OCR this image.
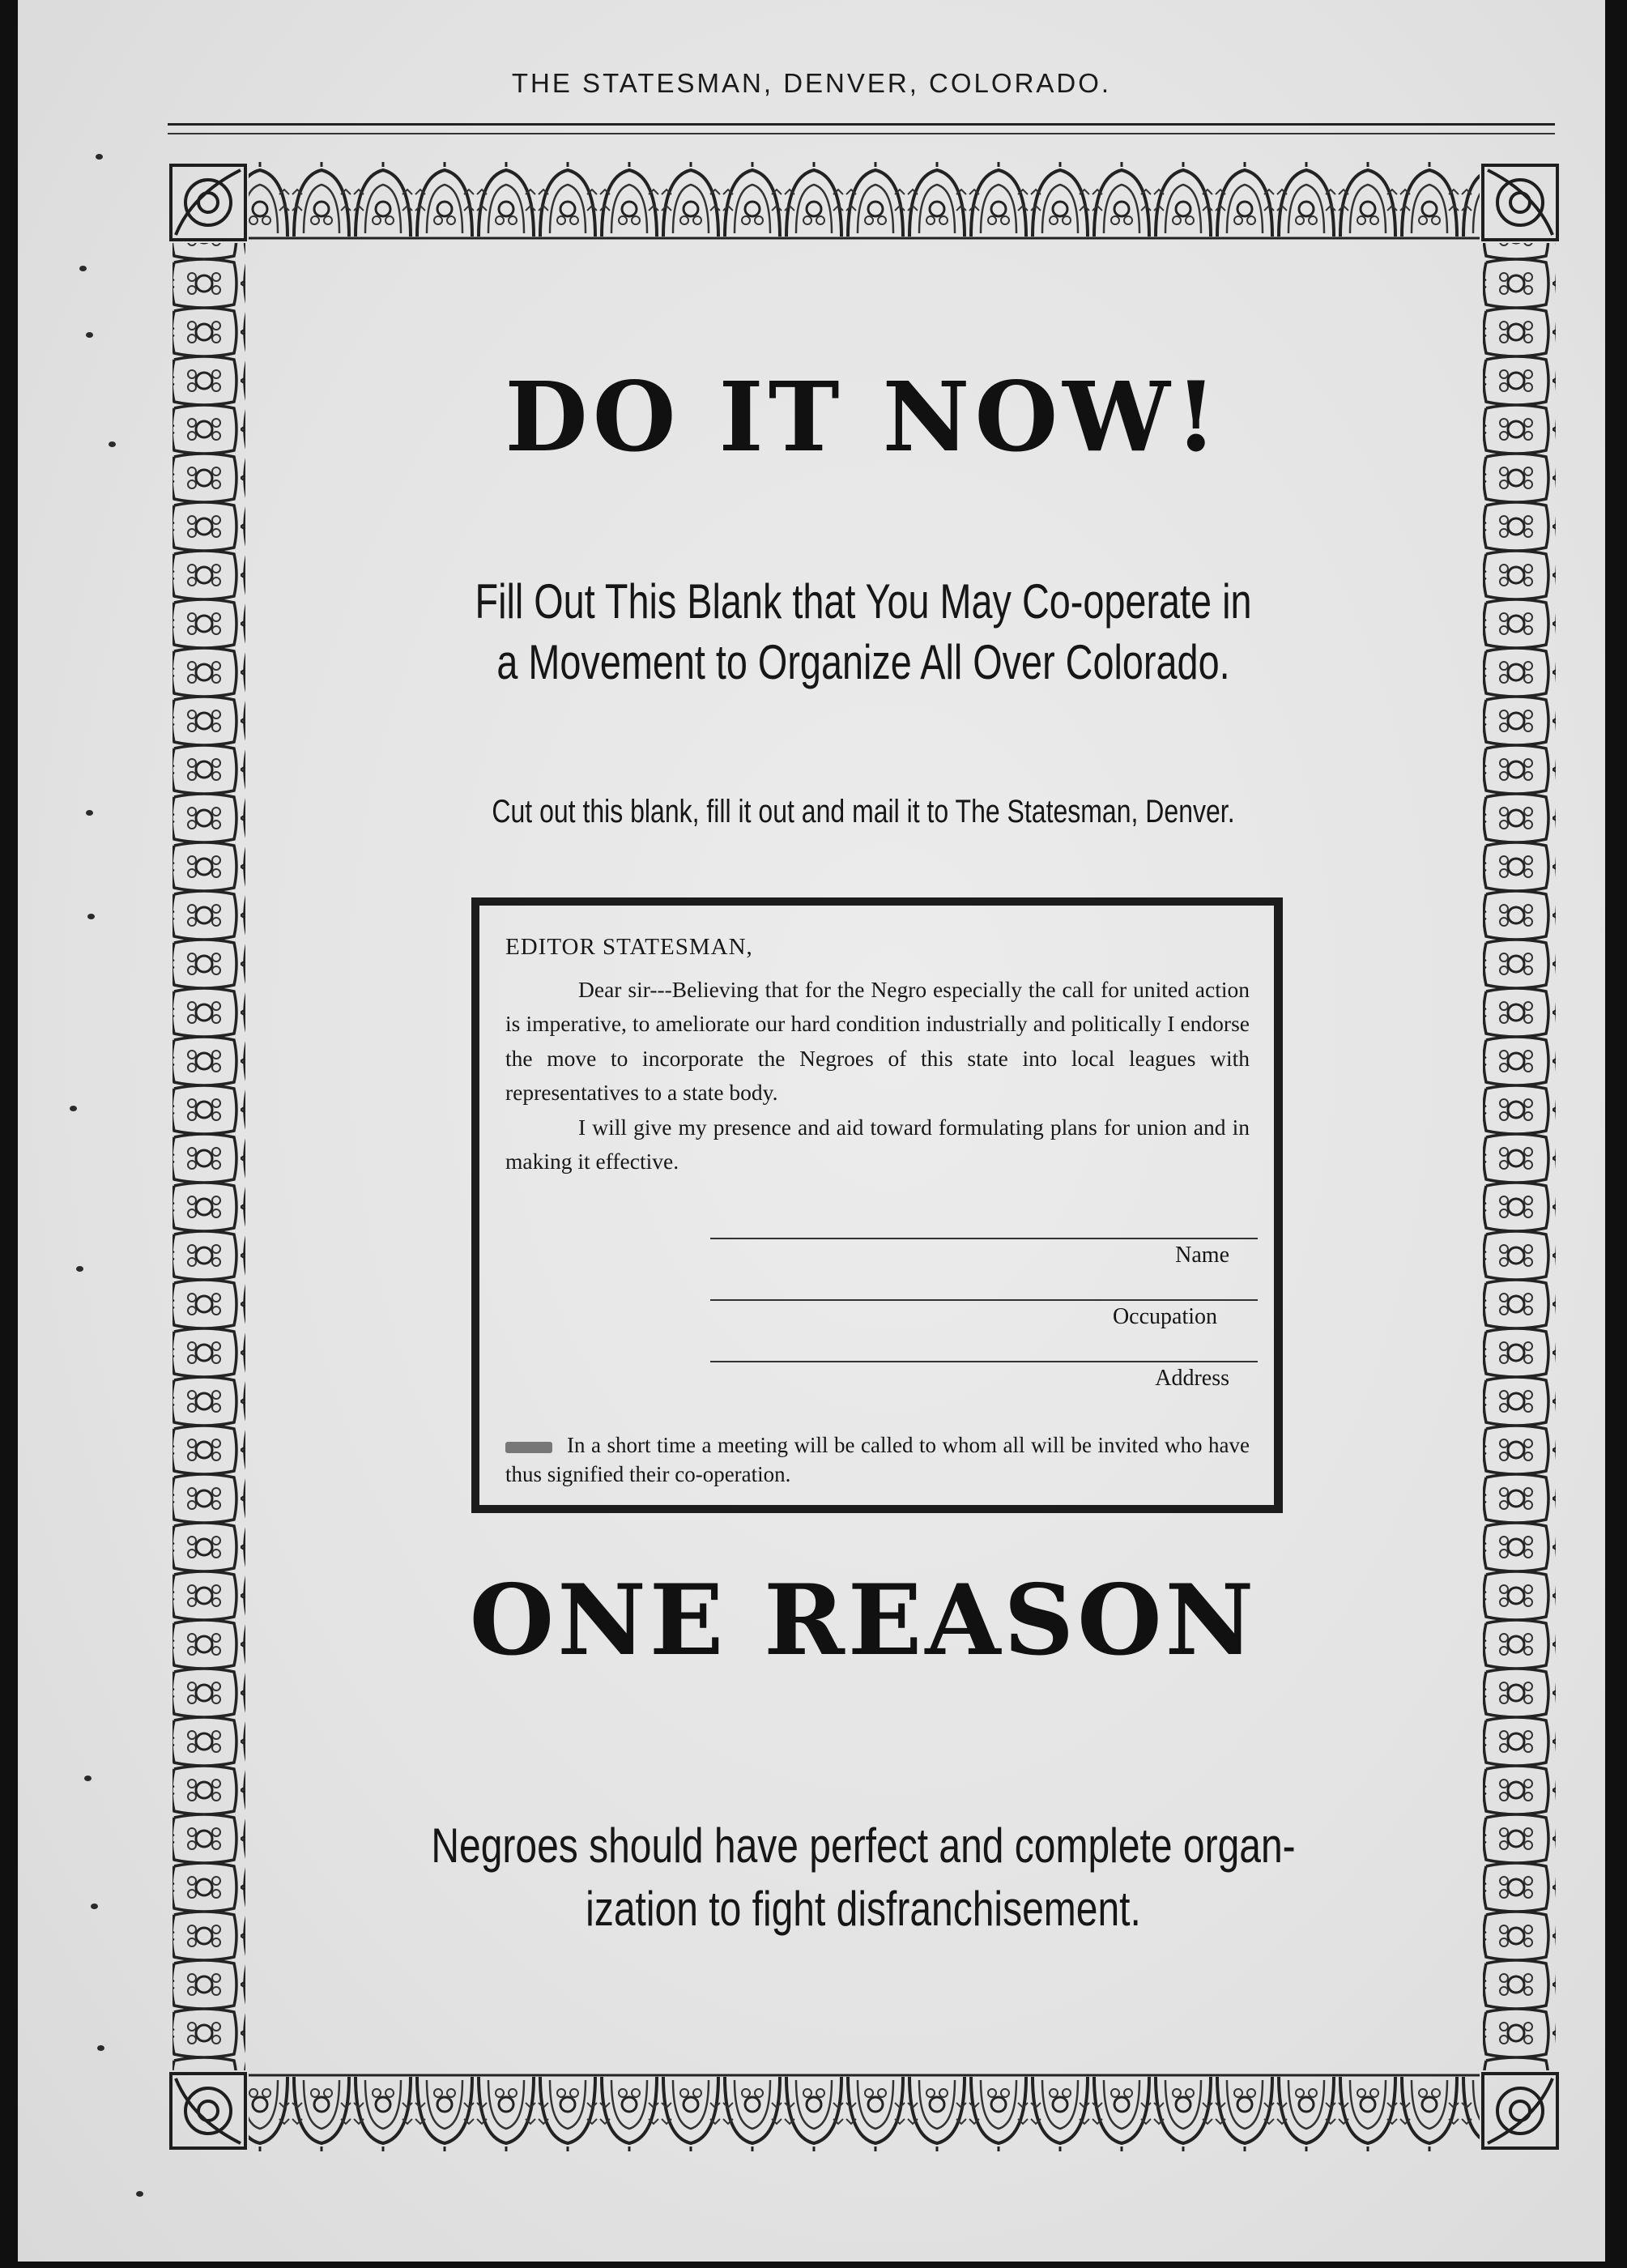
THE STATESMAN, DENVER, COLORADO.
DO IT NOW!
Fill Out This Blank that You May Co-operate in
a Movement to Organize All Over Colorado.
Cut out this blank, fill it out and mail it to The Statesman, Denver.
EDITOR STATESMAN,
Dear sir---Believing that for the Negro especially the call for united action is imperative, to ameliorate our hard condition industrially and politically I endorse the move to incorporate the Negroes of this state into local leagues with representatives to a state body.
I will give my presence and aid toward formulating plans for union and in making it effective.
Name
Occupation
Address
In a short time a meeting will be called to whom all will be invited who have thus signified their co-operation.
ONE REASON
Negroes should have perfect and complete organ-
ization to fight disfranchisement.
